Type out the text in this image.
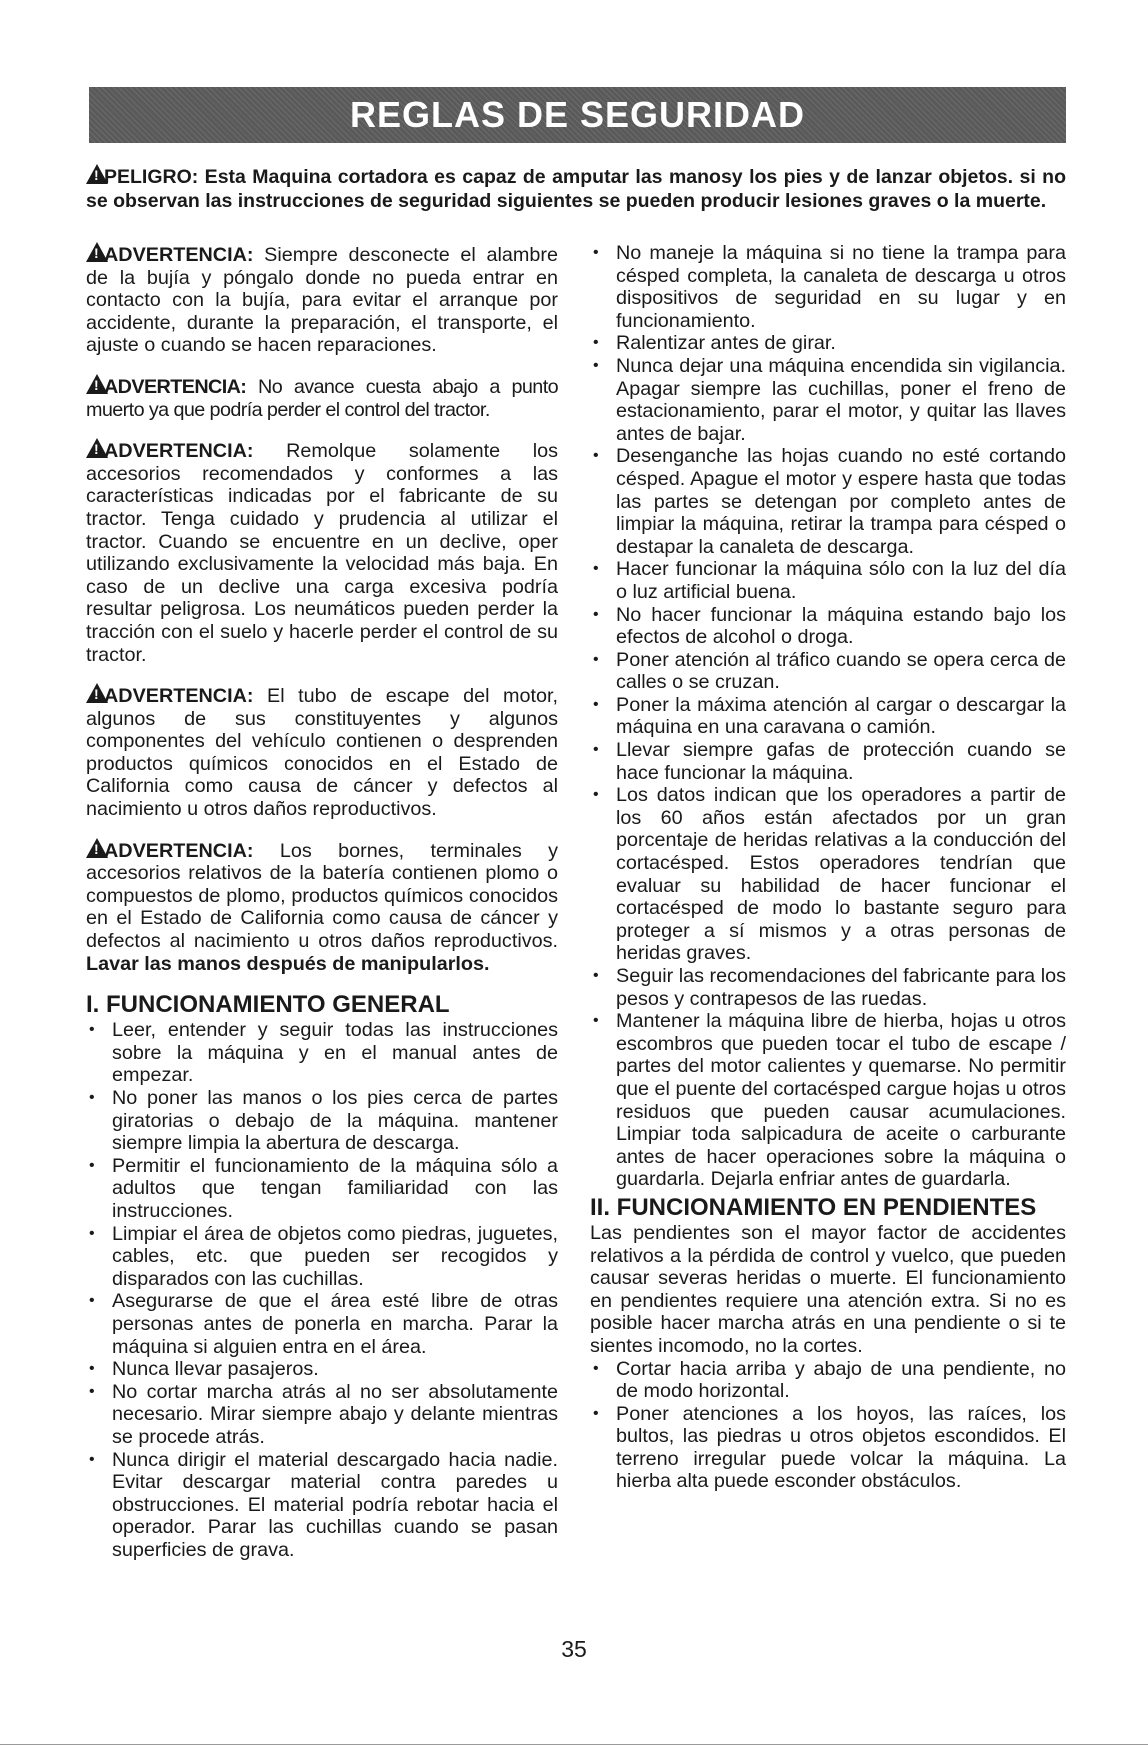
REGLAS DE SEGURIDAD

!PELIGRO: Esta Maquina cortadora es capaz de amputar las manosy los pies y de lanzar objetos. si no se observan las instrucciones de seguridad siguientes se pueden producir lesiones graves o la muerte.

!ADVERTENCIA: Siempre desconecte el alambre de la bujía y póngalo donde no pueda entrar en contacto con la bujía, para evitar el arranque por accidente, durante la preparación, el transporte, el ajuste o cuando se hacen reparaciones.

!ADVERTENCIA: No avance cuesta abajo a punto muerto ya que podría perder el control del tractor.

!ADVERTENCIA: Remolque solamente los accesorios recomendados y conformes a las características indicadas por el fabricante de su tractor. Tenga cuidado y prudencia al utilizar el tractor. Cuando se encuentre en un declive, oper utilizando exclusivamente la velocidad más baja. En caso de un declive una carga excesiva podría resultar peligrosa. Los neumáticos pueden perder la tracción con el suelo y hacerle perder el control de su tractor.

!ADVERTENCIA: El tubo de escape del motor, algunos de sus constituyentes y algunos componentes del vehículo contienen o desprenden productos químicos conocidos en el Estado de California como causa de cáncer y defectos al nacimiento u otros daños reproductivos.

!ADVERTENCIA: Los bornes, terminales y accesorios relativos de la batería contienen plomo o compuestos de plomo, productos químicos conocidos en el Estado de California como causa de cáncer y defectos al nacimiento u otros daños reproductivos. Lavar las manos después de manipularlos.

I. FUNCIONAMIENTO GENERAL
• Leer, entender y seguir todas las instrucciones sobre la máquina y en el manual antes de empezar.
• No poner las manos o los pies cerca de partes giratorias o debajo de la máquina. mantener siempre limpia la abertura de descarga.
• Permitir el funcionamiento de la máquina sólo a adultos que tengan familiaridad con las instrucciones.
• Limpiar el área de objetos como piedras, juguetes, cables, etc. que pueden ser recogidos y disparados con las cuchillas.
• Asegurarse de que el área esté libre de otras personas antes de ponerla en marcha. Parar la máquina si alguien entra en el área.
• Nunca llevar pasajeros.
• No cortar marcha atrás al no ser absolutamente necesario. Mirar siempre abajo y delante mientras se procede atrás.
• Nunca dirigir el material descargado hacia nadie. Evitar descargar material contra paredes u obstrucciones. El material podría rebotar hacia el operador. Parar las cuchillas cuando se pasan superficies de grava.
• No maneje la máquina si no tiene la trampa para césped completa, la canaleta de descarga u otros dispositivos de seguridad en su lugar y en funcionamiento.
• Ralentizar antes de girar.
• Nunca dejar una máquina encendida sin vigilancia. Apagar siempre las cuchillas, poner el freno de estacionamiento, parar el motor, y quitar las llaves antes de bajar.
• Desenganche las hojas cuando no esté cortando césped. Apague el motor y espere hasta que todas las partes se detengan por completo antes de limpiar la máquina, retirar la trampa para césped o destapar la canaleta de descarga.
• Hacer funcionar la máquina sólo con la luz del día o luz artificial buena.
• No hacer funcionar la máquina estando bajo los efectos de alcohol o droga.
• Poner atención al tráfico cuando se opera cerca de calles o se cruzan.
• Poner la máxima atención al cargar o descargar la máquina en una caravana o camión.
• Llevar siempre gafas de protección cuando se hace funcionar la máquina.
• Los datos indican que los operadores a partir de los 60 años están afectados por un gran porcentaje de heridas relativas a la conducción del cortacésped. Estos operadores tendrían que evaluar su habilidad de hacer funcionar el cortacésped de modo lo bastante seguro para proteger a sí mismos y a otras personas de heridas graves.
• Seguir las recomendaciones del fabricante para los pesos y contrapesos de las ruedas.
• Mantener la máquina libre de hierba, hojas u otros escombros que pueden tocar el tubo de escape / partes del motor calientes y quemarse. No permitir que el puente del cortacésped cargue hojas u otros residuos que pueden causar acumulaciones. Limpiar toda salpicadura de aceite o carburante antes de hacer operaciones sobre la máquina o guardarla. Dejarla enfriar antes de guardarla.
II. FUNCIONAMIENTO EN PENDIENTES

Las pendientes son el mayor factor de accidentes relativos a la pérdida de control y vuelco, que pueden causar severas heridas o muerte. El funcionamiento en pendientes requiere una atención extra. Si no es posible hacer marcha atrás en una pendiente o si te sientes incomodo, no la cortes.

• Cortar hacia arriba y abajo de una pendiente, no de modo horizontal.
• Poner atenciones a los hoyos, las raíces, los bultos, las piedras u otros objetos escondidos. El terreno irregular puede volcar la máquina. La hierba alta puede esconder obstáculos.
35
